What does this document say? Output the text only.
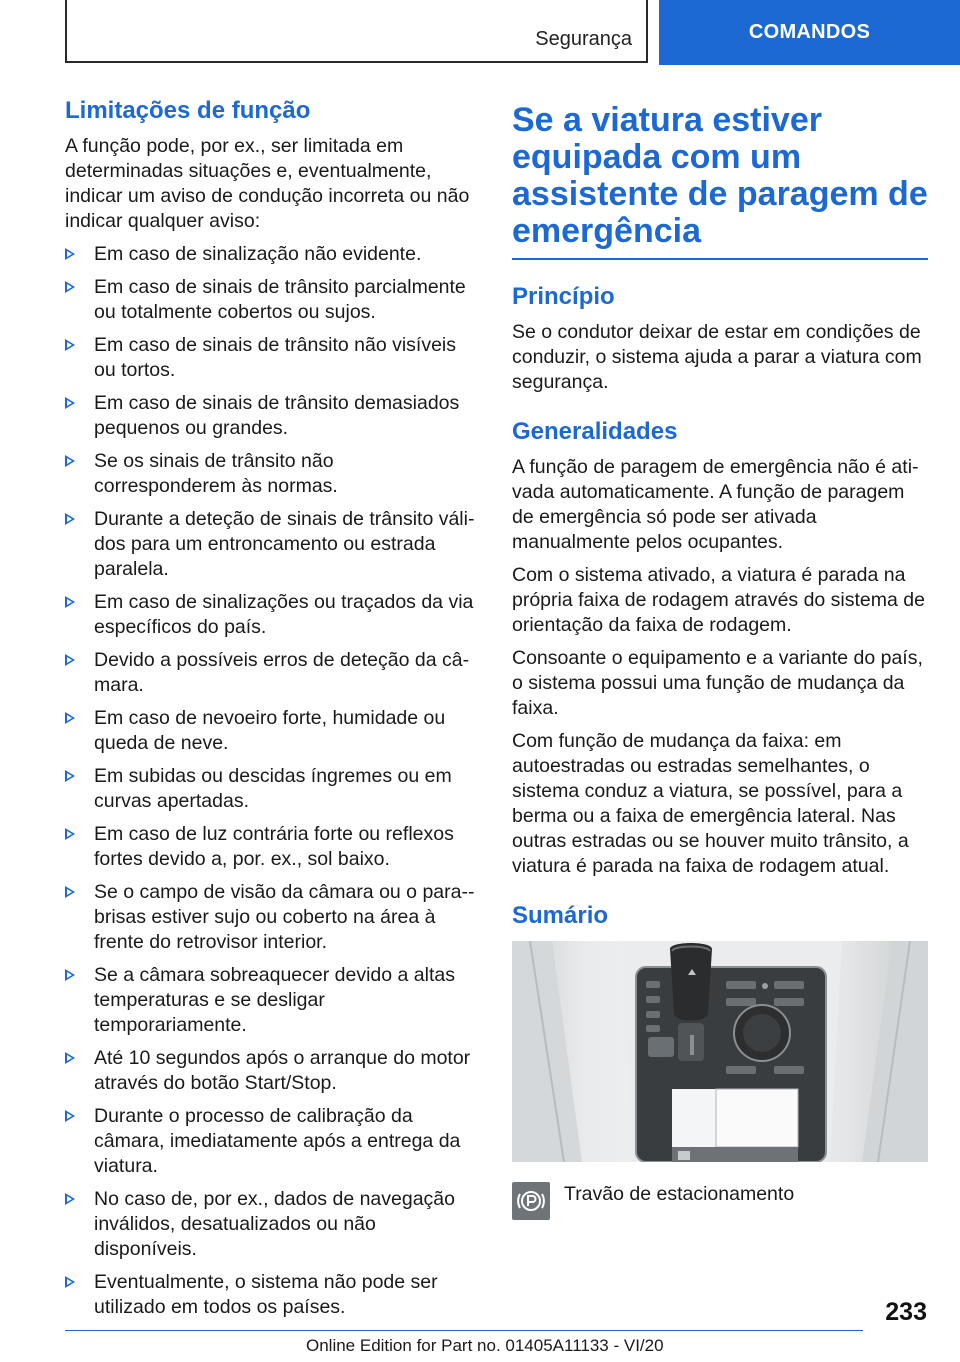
Segurança	COMANDOS
Limitações de função

A função pode, por ex., ser limitada em determinadas situações e, eventualmente, indicar um aviso de condução incorreta ou não indicar qualquer aviso:

Em caso de sinalização não evidente.
Em caso de sinais de trânsito parcialmente ou totalmente cobertos ou sujos.
Em caso de sinais de trânsito não visíveis ou tortos.
Em caso de sinais de trânsito demasiados pequenos ou grandes.
Se os sinais de trânsito não corresponderem às normas.
Durante a deteção de sinais de trânsito válidos para um entroncamento ou estrada paralela.
Em caso de sinalizações ou traçados da via específicos do país.
Devido a possíveis erros de deteção da câmara.
Em caso de nevoeiro forte, humidade ou queda de neve.
Em subidas ou descidas íngremes ou em curvas apertadas.
Em caso de luz contrária forte ou reflexos fortes devido a, por. ex., sol baixo.
Se o campo de visão da câmara ou o para-brisas estiver sujo ou coberto na área à frente do retrovisor interior.
Se a câmara sobreaquecer devido a altas temperaturas e se desligar temporariamente.
Até 10 segundos após o arranque do motor através do botão Start/Stop.
Durante o processo de calibração da câmara, imediatamente após a entrega da viatura.
No caso de, por ex., dados de navegação inválidos, desatualizados ou não disponíveis.
Eventualmente, o sistema não pode ser utilizado em todos os países.
Se a viatura estiver equipada com um assistente de paragem de emergência
Princípio

Se o condutor deixar de estar em condições de conduzir, o sistema ajuda a parar a viatura com segurança.

Generalidades

A função de paragem de emergência não é ativada automaticamente. A função de paragem de emergência só pode ser ativada manualmente pelos ocupantes.

Com o sistema ativado, a viatura é parada na própria faixa de rodagem através do sistema de orientação da faixa de rodagem.

Consoante o equipamento e a variante do país, o sistema possui uma função de mudança da faixa.

Com função de mudança da faixa: em autoestradas ou estradas semelhantes, o sistema conduz a viatura, se possível, para a berma ou a faixa de emergência lateral. Nas outras estradas ou se houver muito trânsito, a viatura é parada na faixa de rodagem atual.

Sumário
Travão de estacionamento
233
Online Edition for Part no. 01405A11133 - VI/20
